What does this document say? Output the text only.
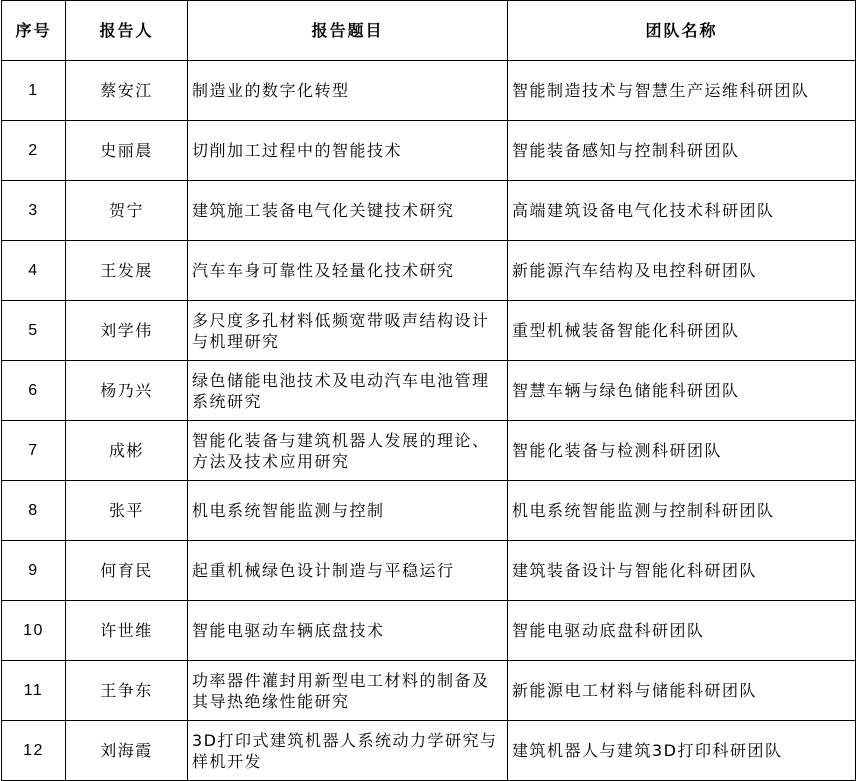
序号	报告人	报告题目	团队名称
1	蔡安江	制造业的数字化转型	智能制造技术与智慧生产运维科研团队
2	史丽晨	切削加工过程中的智能技术	智能装备感知与控制科研团队
3	贺宁	建筑施工装备电气化关键技术研究	高端建筑设备电气化技术科研团队
4	王发展	汽车车身可靠性及轻量化技术研究	新能源汽车结构及电控科研团队
5	刘学伟	多尺度多孔材料低频宽带吸声结构设计与机理研究	重型机械装备智能化科研团队
6	杨乃兴	绿色储能电池技术及电动汽车电池管理系统研究	智慧车辆与绿色储能科研团队
7	成彬	智能化装备与建筑机器人发展的理论、方法及技术应用研究	智能化装备与检测科研团队
8	张平	机电系统智能监测与控制	机电系统智能监测与控制科研团队
9	何育民	起重机械绿色设计制造与平稳运行	建筑装备设计与智能化科研团队
10	许世维	智能电驱动车辆底盘技术	智能电驱动底盘科研团队
11	王争东	功率器件灌封用新型电工材料的制备及其导热绝缘性能研究	新能源电工材料与储能科研团队
12	刘海霞	3D打印式建筑机器人系统动力学研究与样机开发	建筑机器人与建筑3D打印科研团队
